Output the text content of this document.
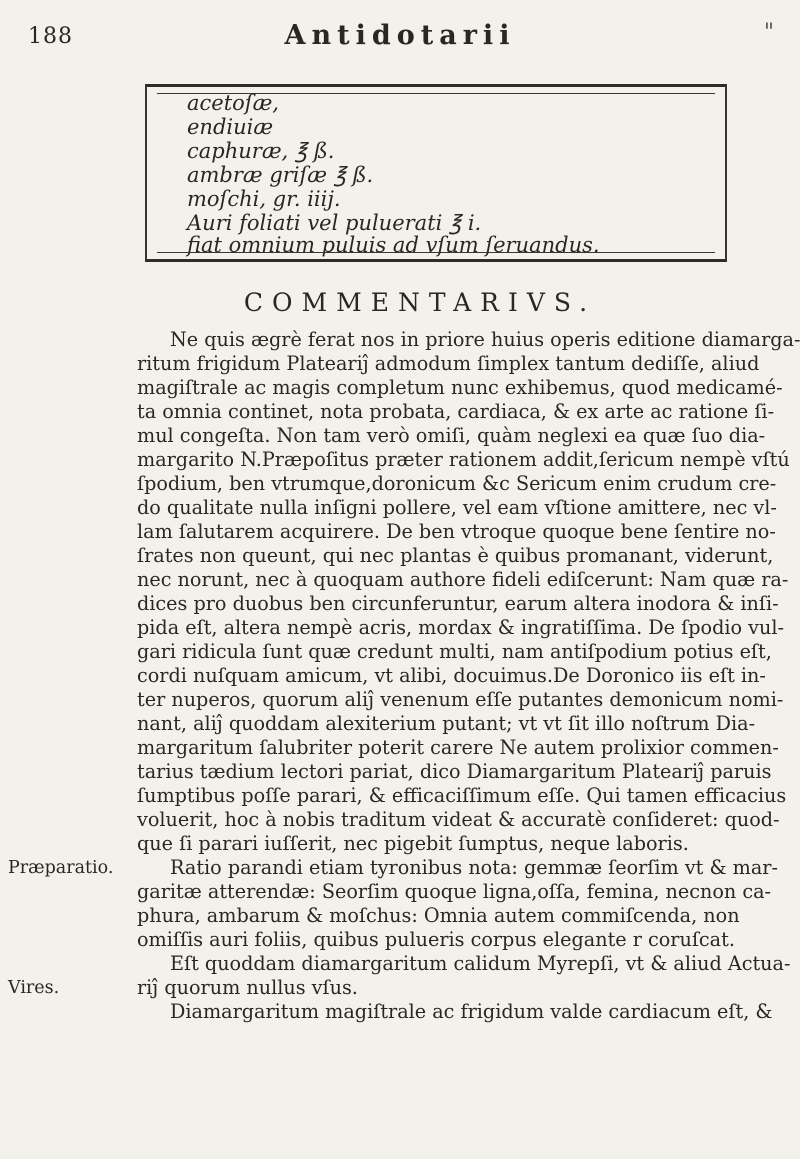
188	Antidotarii	"
acetoſæ,
endiuiæ
caphuræ, ℥ ß.
ambræ griſæ ℥ ß.
moſchi, gr. iiij.
Auri foliati vel puluerati ℥ i.
fiat omnium puluis ad vſum ſeruandus.
COMMENTARIVS.
Ne quis ægrè ferat nos in priore huius operis editione diamarga-
ritum frigidum Plateariĵ admodum ſimplex tantum dediſſe, aliud
magiſtrale ac magis completum nunc exhibemus, quod medicamé-
ta omnia continet, nota probata, cardiaca, & ex arte ac ratione ſi-
mul congeſta. Non tam verò omiſi, quàm neglexi ea quæ ſuo dia-
margarito N.Præpoſitus præter rationem addit,ſericum nempè vſtú
ſpodium, ben vtrumque,doronicum &c Sericum enim crudum cre-
do qualitate nulla inſigni pollere, vel eam vſtione amittere, nec vl-
lam ſalutarem acquirere. De ben vtroque quoque bene ſentire no-
ſrates non queunt, qui nec plantas è quibus promanant, viderunt,
nec norunt, nec à quoquam authore fideli ediſcerunt: Nam quæ ra-
dices pro duobus ben circunferuntur, earum altera inodora & inſi-
pida eſt, altera nempè acris, mordax & ingratiſſima. De ſpodio vul-
gari ridicula ſunt quæ credunt multi, nam antiſpodium potius eſt,
cordi nuſquam amicum, vt alibi, docuimus.De Doronico iis eſt in-
ter nuperos, quorum aliĵ venenum eſſe putantes demonicum nomi-
nant, aliĵ quoddam alexiterium putant; vt vt ſit illo noſtrum Dia-
margaritum ſalubriter poterit carere Ne autem prolixior commen-
tarius tædium lectori pariat, dico Diamargaritum Plateariĵ paruis
ſumptibus poſſe parari, & efficaciſſimum eſſe. Qui tamen efficacius
voluerit, hoc à nobis traditum videat & accuratè conſideret: quod-
que ſi parari iuſſerit, nec pigebit ſumptus, neque laboris.
Præparatio.	Ratio parandi etiam tyronibus nota: gemmæ ſeorſim vt & mar-
garitæ atterendæ: Seorſim quoque ligna,oſſa, femina, necnon ca-
phura, ambarum & moſchus: Omnia autem commiſcenda, non
omiſſis auri foliis, quibus pulueris corpus elegante r coruſcat.
Vires.
Eſt quoddam diamargaritum calidum Myrepſi, vt & aliud Actua-
riĵ quorum nullus vſus.
Diamargaritum magiſtrale ac frigidum valde cardiacum eſt, &
